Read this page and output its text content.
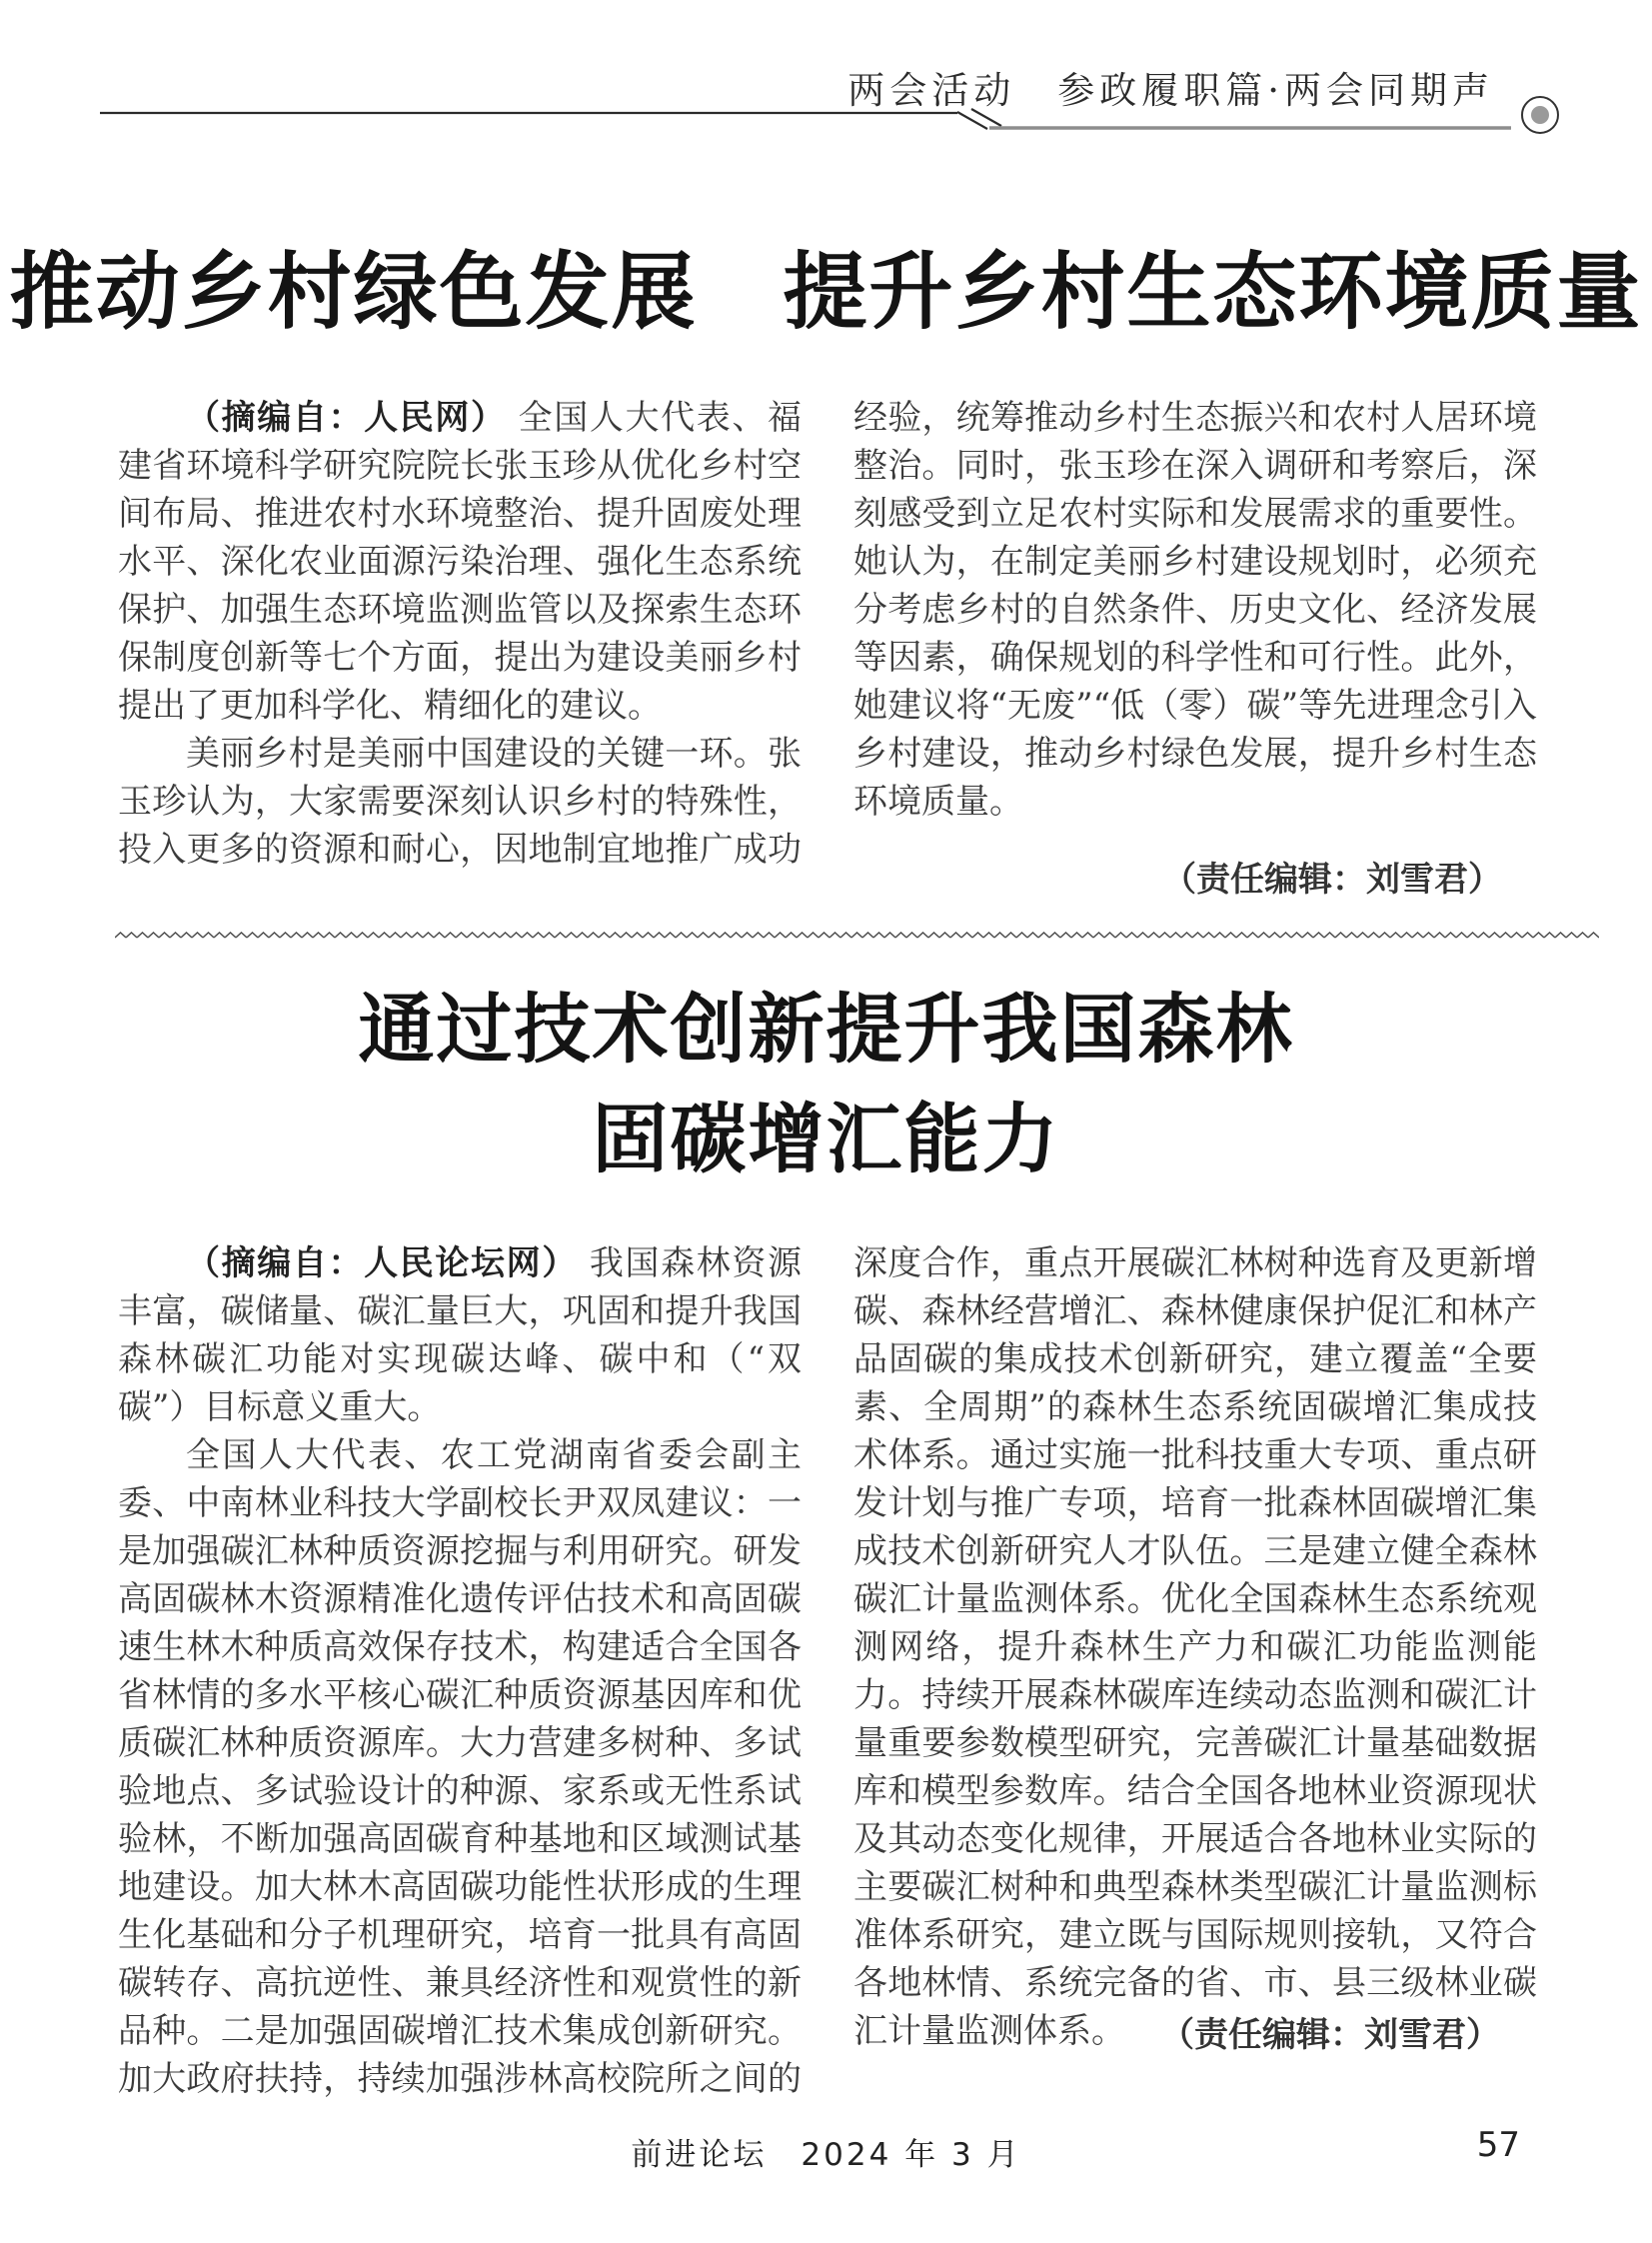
两会活动　参政履职篇·两会同期声
推动乡村绿色发展　提升乡村生态环境质量

（摘编自：人民网） 全国人大代表、福建省环境科学研究院院长张玉珍从优化乡村空间布局、推进农村水环境整治、提升固废处理水平、深化农业面源污染治理、强化生态系统保护、加强生态环境监测监管以及探索生态环保制度创新等七个方面，提出为建设美丽乡村提出了更加科学化、精细化的建议。

美丽乡村是美丽中国建设的关键一环。张玉珍认为，大家需要深刻认识乡村的特殊性，投入更多的资源和耐心，因地制宜地推广成功经验，统筹推动乡村生态振兴和农村人居环境整治。同时，张玉珍在深入调研和考察后，深刻感受到立足农村实际和发展需求的重要性。她认为，在制定美丽乡村建设规划时，必须充分考虑乡村的自然条件、历史文化、经济发展等因素，确保规划的科学性和可行性。此外，她建议将“无废”“低（零）碳”等先进理念引入乡村建设，推动乡村绿色发展，提升乡村生态环境质量。

（责任编辑：刘雪君）
通过技术创新提升我国森林
固碳增汇能力

（摘编自：人民论坛网） 我国森林资源丰富，碳储量、碳汇量巨大，巩固和提升我国森林碳汇功能对实现碳达峰、碳中和（“双碳”）目标意义重大。

全国人大代表、农工党湖南省委会副主委、中南林业科技大学副校长尹双凤建议：一是加强碳汇林种质资源挖掘与利用研究。研发高固碳林木资源精准化遗传评估技术和高固碳速生林木种质高效保存技术，构建适合全国各省林情的多水平核心碳汇种质资源基因库和优质碳汇林种质资源库。大力营建多树种、多试验地点、多试验设计的种源、家系或无性系试验林，不断加强高固碳育种基地和区域测试基地建设。加大林木高固碳功能性状形成的生理生化基础和分子机理研究，培育一批具有高固碳转存、高抗逆性、兼具经济性和观赏性的新品种。二是加强固碳增汇技术集成创新研究。加大政府扶持，持续加强涉林高校院所之间的深度合作，重点开展碳汇林树种选育及更新增碳、森林经营增汇、森林健康保护促汇和林产品固碳的集成技术创新研究，建立覆盖“全要素、全周期”的森林生态系统固碳增汇集成技术体系。通过实施一批科技重大专项、重点研发计划与推广专项，培育一批森林固碳增汇集成技术创新研究人才队伍。三是建立健全森林碳汇计量监测体系。优化全国森林生态系统观测网络，提升森林生产力和碳汇功能监测能力。持续开展森林碳库连续动态监测和碳汇计量重要参数模型研究，完善碳汇计量基础数据库和模型参数库。结合全国各地林业资源现状及其动态变化规律，开展适合各地林业实际的主要碳汇树种和典型森林类型碳汇计量监测标准体系研究，建立既与国际规则接轨，又符合各地林情、系统完备的省、市、县三级林业碳汇计量监测体系。	（责任编辑：刘雪君）
前进论坛　2024 年 3 月	57
